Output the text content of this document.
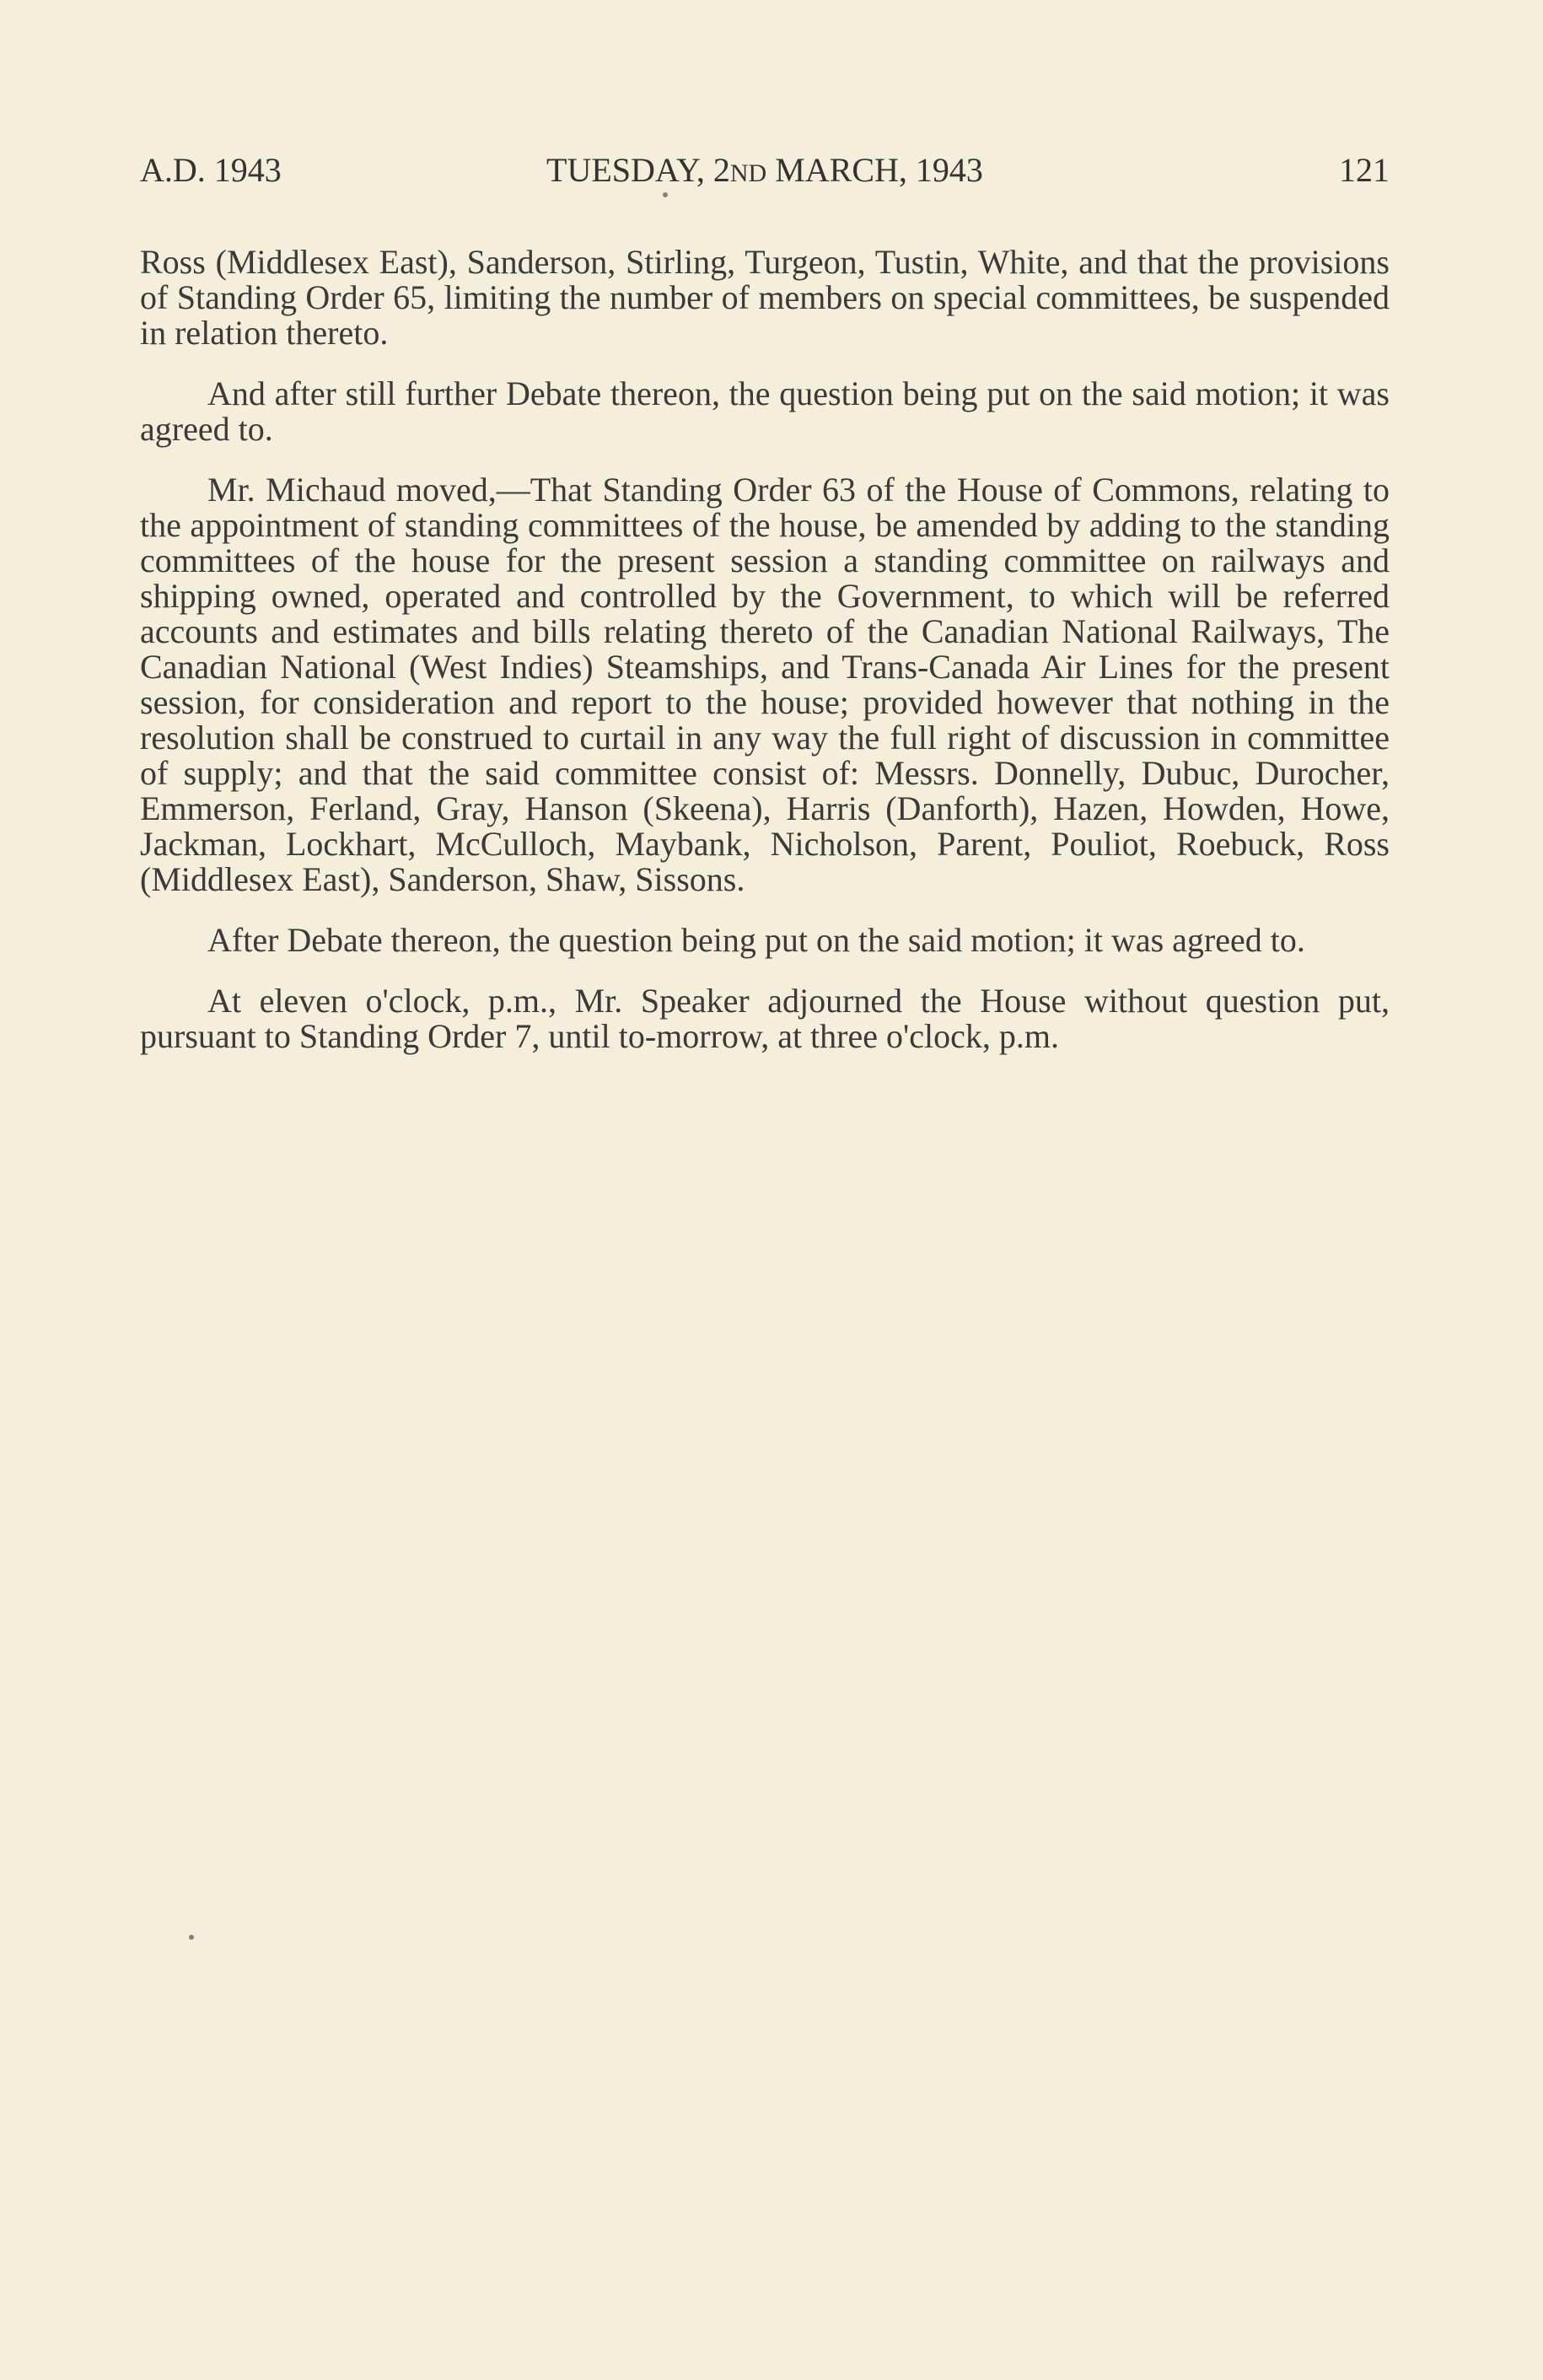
A.D. 1943	TUESDAY, 2ND MARCH, 1943	121

Ross (Middlesex East), Sanderson, Stirling, Turgeon, Tustin, White, and that the provisions of Standing Order 65, limiting the number of members on special committees, be suspended in relation thereto.

And after still further Debate thereon, the question being put on the said motion; it was agreed to.

Mr. Michaud moved,—That Standing Order 63 of the House of Commons, relating to the appointment of standing committees of the house, be amended by adding to the standing committees of the house for the present session a standing committee on railways and shipping owned, operated and controlled by the Government, to which will be referred accounts and estimates and bills relating thereto of the Canadian National Railways, The Canadian National (West Indies) Steamships, and Trans-Canada Air Lines for the present session, for consideration and report to the house; provided however that nothing in the resolution shall be construed to curtail in any way the full right of discussion in committee of supply; and that the said committee consist of: Messrs. Donnelly, Dubuc, Durocher, Emmerson, Ferland, Gray, Hanson (Skeena), Harris (Danforth), Hazen, Howden, Howe, Jackman, Lockhart, McCulloch, Maybank, Nicholson, Parent, Pouliot, Roebuck, Ross (Middlesex East), Sanderson, Shaw, Sissons.

After Debate thereon, the question being put on the said motion; it was agreed to.

At eleven o'clock, p.m., Mr. Speaker adjourned the House without question put, pursuant to Standing Order 7, until to-morrow, at three o'clock, p.m.
